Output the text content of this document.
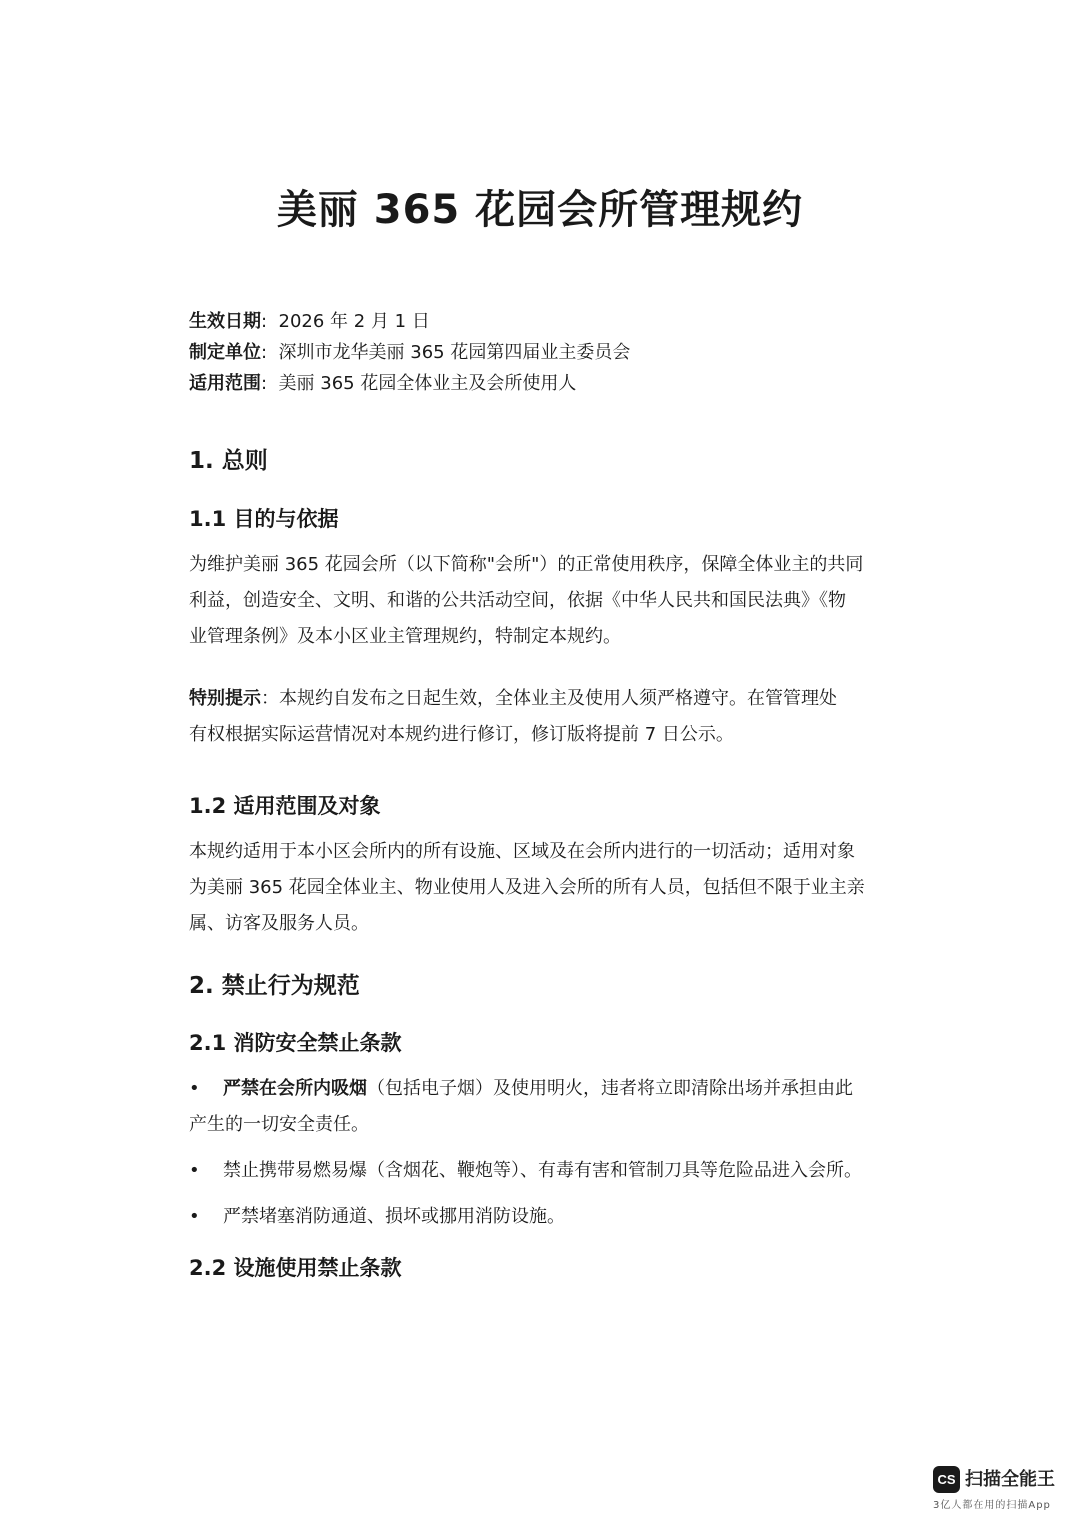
美丽 365 花园会所管理规约
生效日期: 2026 年 2 月 1 日
制定单位: 深圳市龙华美丽 365 花园第四届业主委员会
适用范围: 美丽 365 花园全体业主及会所使用人
1. 总则
1.1 目的与依据

为维护美丽 365 花园会所（以下简称"会所"）的正常使用秩序，保障全体业主的共同
利益，创造安全、文明、和谐的公共活动空间，依据《中华人民共和国民法典》《物
业管理条例》及本小区业主管理规约，特制定本规约。

特别提示：本规约自发布之日起生效，全体业主及使用人须严格遵守。在管管理处
有权根据实际运营情况对本规约进行修订，修订版将提前 7 日公示。

1.2 适用范围及对象

本规约适用于本小区会所内的所有设施、区域及在会所内进行的一切活动；适用对象
为美丽 365 花园全体业主、物业使用人及进入会所的所有人员，包括但不限于业主亲
属、访客及服务人员。

2. 禁止行为规范
2.1 消防安全禁止条款
•	严禁在会所内吸烟（包括电子烟）及使用明火，违者将立即清除出场并承担由此
产生的一切安全责任。
•	禁止携带易燃易爆（含烟花、鞭炮等）、有毒有害和管制刀具等危险品进入会所。
•	严禁堵塞消防通道、损坏或挪用消防设施。
2.2 设施使用禁止条款
CS 扫描全能王
3亿人都在用的扫描App
